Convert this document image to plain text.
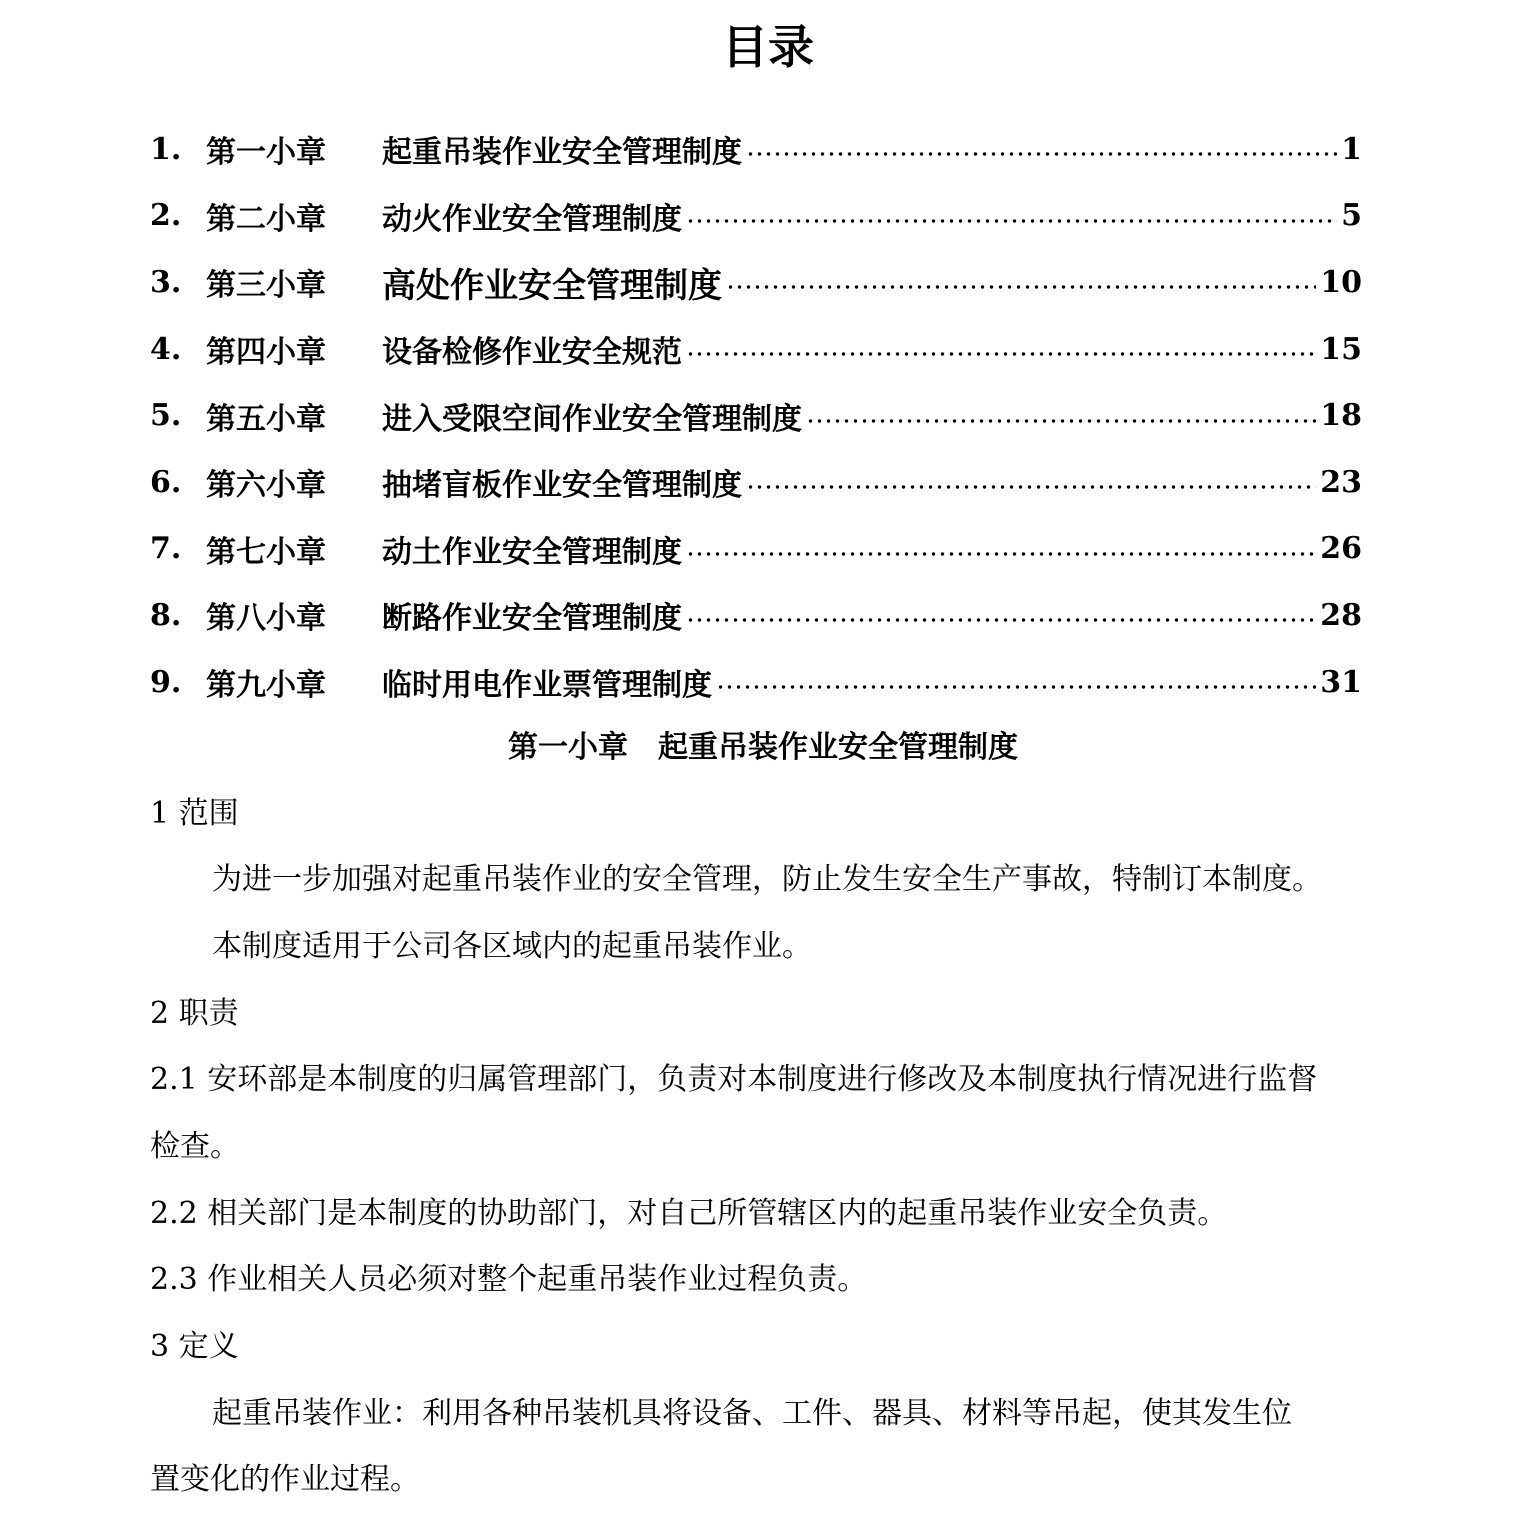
目录
1. 第一小章	起重吊装作业安全管理制度	1
2. 第二小章	动火作业安全管理制度	5
3. 第三小章	高处作业安全管理制度	10
4. 第四小章	设备检修作业安全规范	15
5. 第五小章	进入受限空间作业安全管理制度	18
6. 第六小章	抽堵盲板作业安全管理制度	23
7. 第七小章	动土作业安全管理制度	26
8. 第八小章	断路作业安全管理制度	28
9. 第九小章	临时用电作业票管理制度	31
第一小章　起重吊装作业安全管理制度
1 范围
为进一步加强对起重吊装作业的安全管理，防止发生安全生产事故，特制订本制度。
本制度适用于公司各区域内的起重吊装作业。
2 职责
2.1 安环部是本制度的归属管理部门，负责对本制度进行修改及本制度执行情况进行监督
检查。
2.2 相关部门是本制度的协助部门，对自己所管辖区内的起重吊装作业安全负责。
2.3 作业相关人员必须对整个起重吊装作业过程负责。
3 定义
起重吊装作业：利用各种吊装机具将设备、工件、器具、材料等吊起，使其发生位
置变化的作业过程。
